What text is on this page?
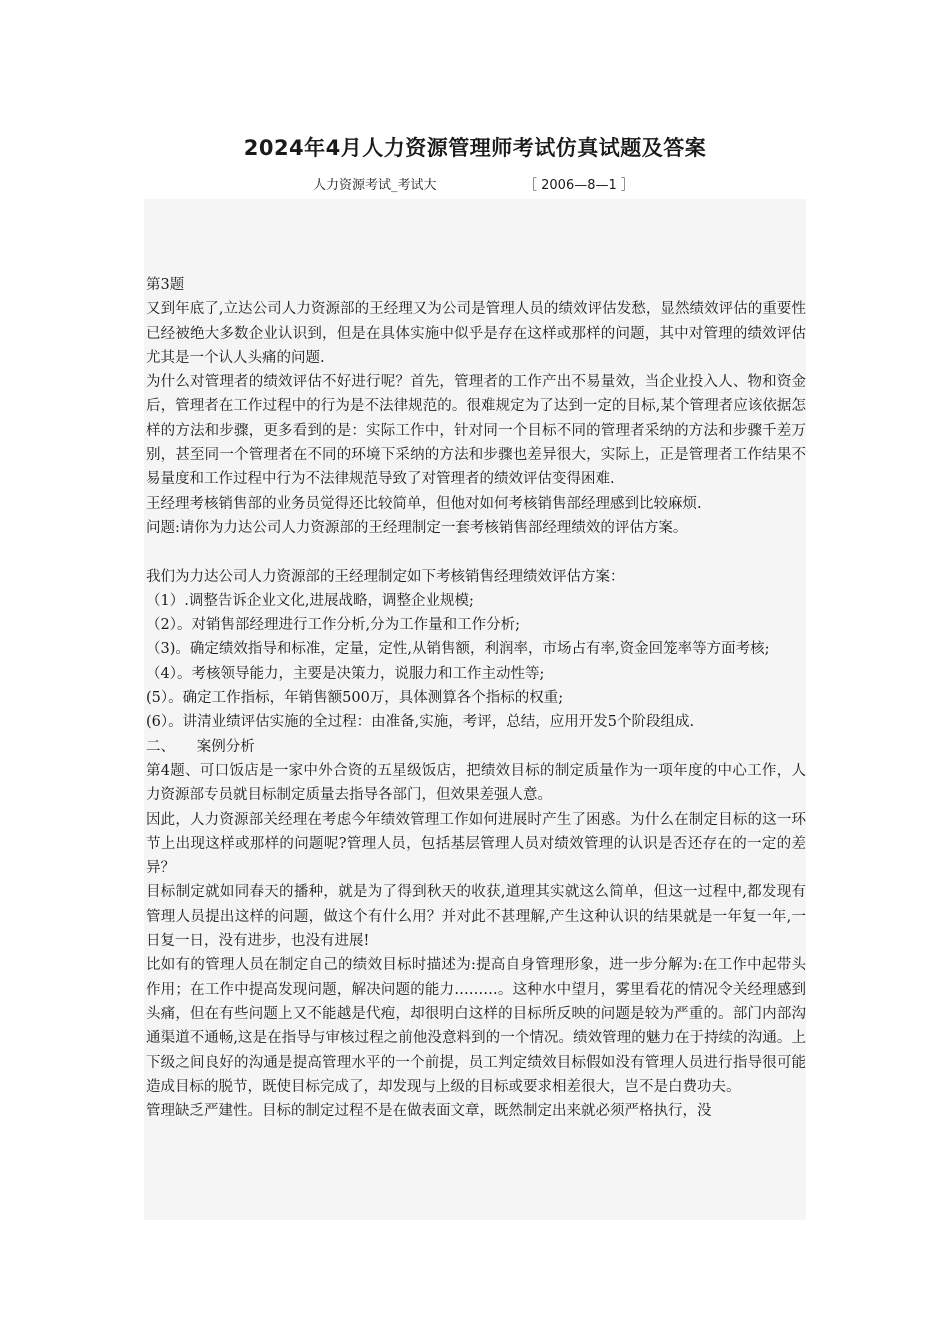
2024年4月人力资源管理师考试仿真试题及答案
人力资源考试_考试大	［ 2006—8—1 ］

第3题

又到年底了,立达公司人力资源部的王经理又为公司是管理人员的绩效评估发愁，显然绩效评估的重要性已经被绝大多数企业认识到，但是在具体实施中似乎是存在这样或那样的问题，其中对管理的绩效评估尤其是一个认人头痛的问题.

为什么对管理者的绩效评估不好进行呢？首先，管理者的工作产出不易量效，当企业投入人、物和资金后，管理者在工作过程中的行为是不法律规范的。很难规定为了达到一定的目标,某个管理者应该依据怎样的方法和步骤，更多看到的是：实际工作中，针对同一个目标不同的管理者采纳的方法和步骤千差万别，甚至同一个管理者在不同的环境下采纳的方法和步骤也差异很大，实际上，正是管理者工作结果不易量度和工作过程中行为不法律规范导致了对管理者的绩效评估变得困难.

王经理考核销售部的业务员觉得还比较简单，但他对如何考核销售部经理感到比较麻烦.

问题:请你为力达公司人力资源部的王经理制定一套考核销售部经理绩效的评估方案。

我们为力达公司人力资源部的王经理制定如下考核销售经理绩效评估方案：

（1）.调整告诉企业文化,进展战略，调整企业规模;

（2）。对销售部经理进行工作分析,分为工作量和工作分析;

（3)。确定绩效指导和标准，定量，定性,从销售额，利润率，市场占有率,资金回笼率等方面考核;

（4）。考核领导能力，主要是决策力，说服力和工作主动性等;

(5）。确定工作指标，年销售额500万，具体测算各个指标的权重;

(6）。讲清业绩评估实施的全过程：由准备,实施，考评，总结，应用开发5个阶段组成.

二、　　案例分析

第4题、可口饭店是一家中外合资的五星级饭店，把绩效目标的制定质量作为一项年度的中心工作，人力资源部专员就目标制定质量去指导各部门，但效果差强人意。

因此，人力资源部关经理在考虑今年绩效管理工作如何进展时产生了困惑。为什么在制定目标的这一环节上出现这样或那样的问题呢?管理人员，包括基层管理人员对绩效管理的认识是否还存在的一定的差异？

目标制定就如同春天的播种，就是为了得到秋天的收获,道理其实就这么简单，但这一过程中,都发现有管理人员提出这样的问题，做这个有什么用？并对此不甚理解,产生这种认识的结果就是一年复一年,一日复一日，没有进步，也没有进展!

比如有的管理人员在制定自己的绩效目标时描述为:提高自身管理形象，进一步分解为:在工作中起带头作用；在工作中提高发现问题，解决问题的能力………。这种水中望月，雾里看花的情况令关经理感到头痛，但在有些问题上又不能越是代疱，却很明白这样的目标所反映的问题是较为严重的。部门内部沟通渠道不通畅,这是在指导与审核过程之前他没意料到的一个情况。绩效管理的魅力在于持续的沟通。上下级之间良好的沟通是提高管理水平的一个前提，员工判定绩效目标假如没有管理人员进行指导很可能造成目标的脱节，既使目标完成了，却发现与上级的目标或要求相差很大，岂不是白费功夫。

管理缺乏严建性。目标的制定过程不是在做表面文章，既然制定出来就必须严格执行，没
